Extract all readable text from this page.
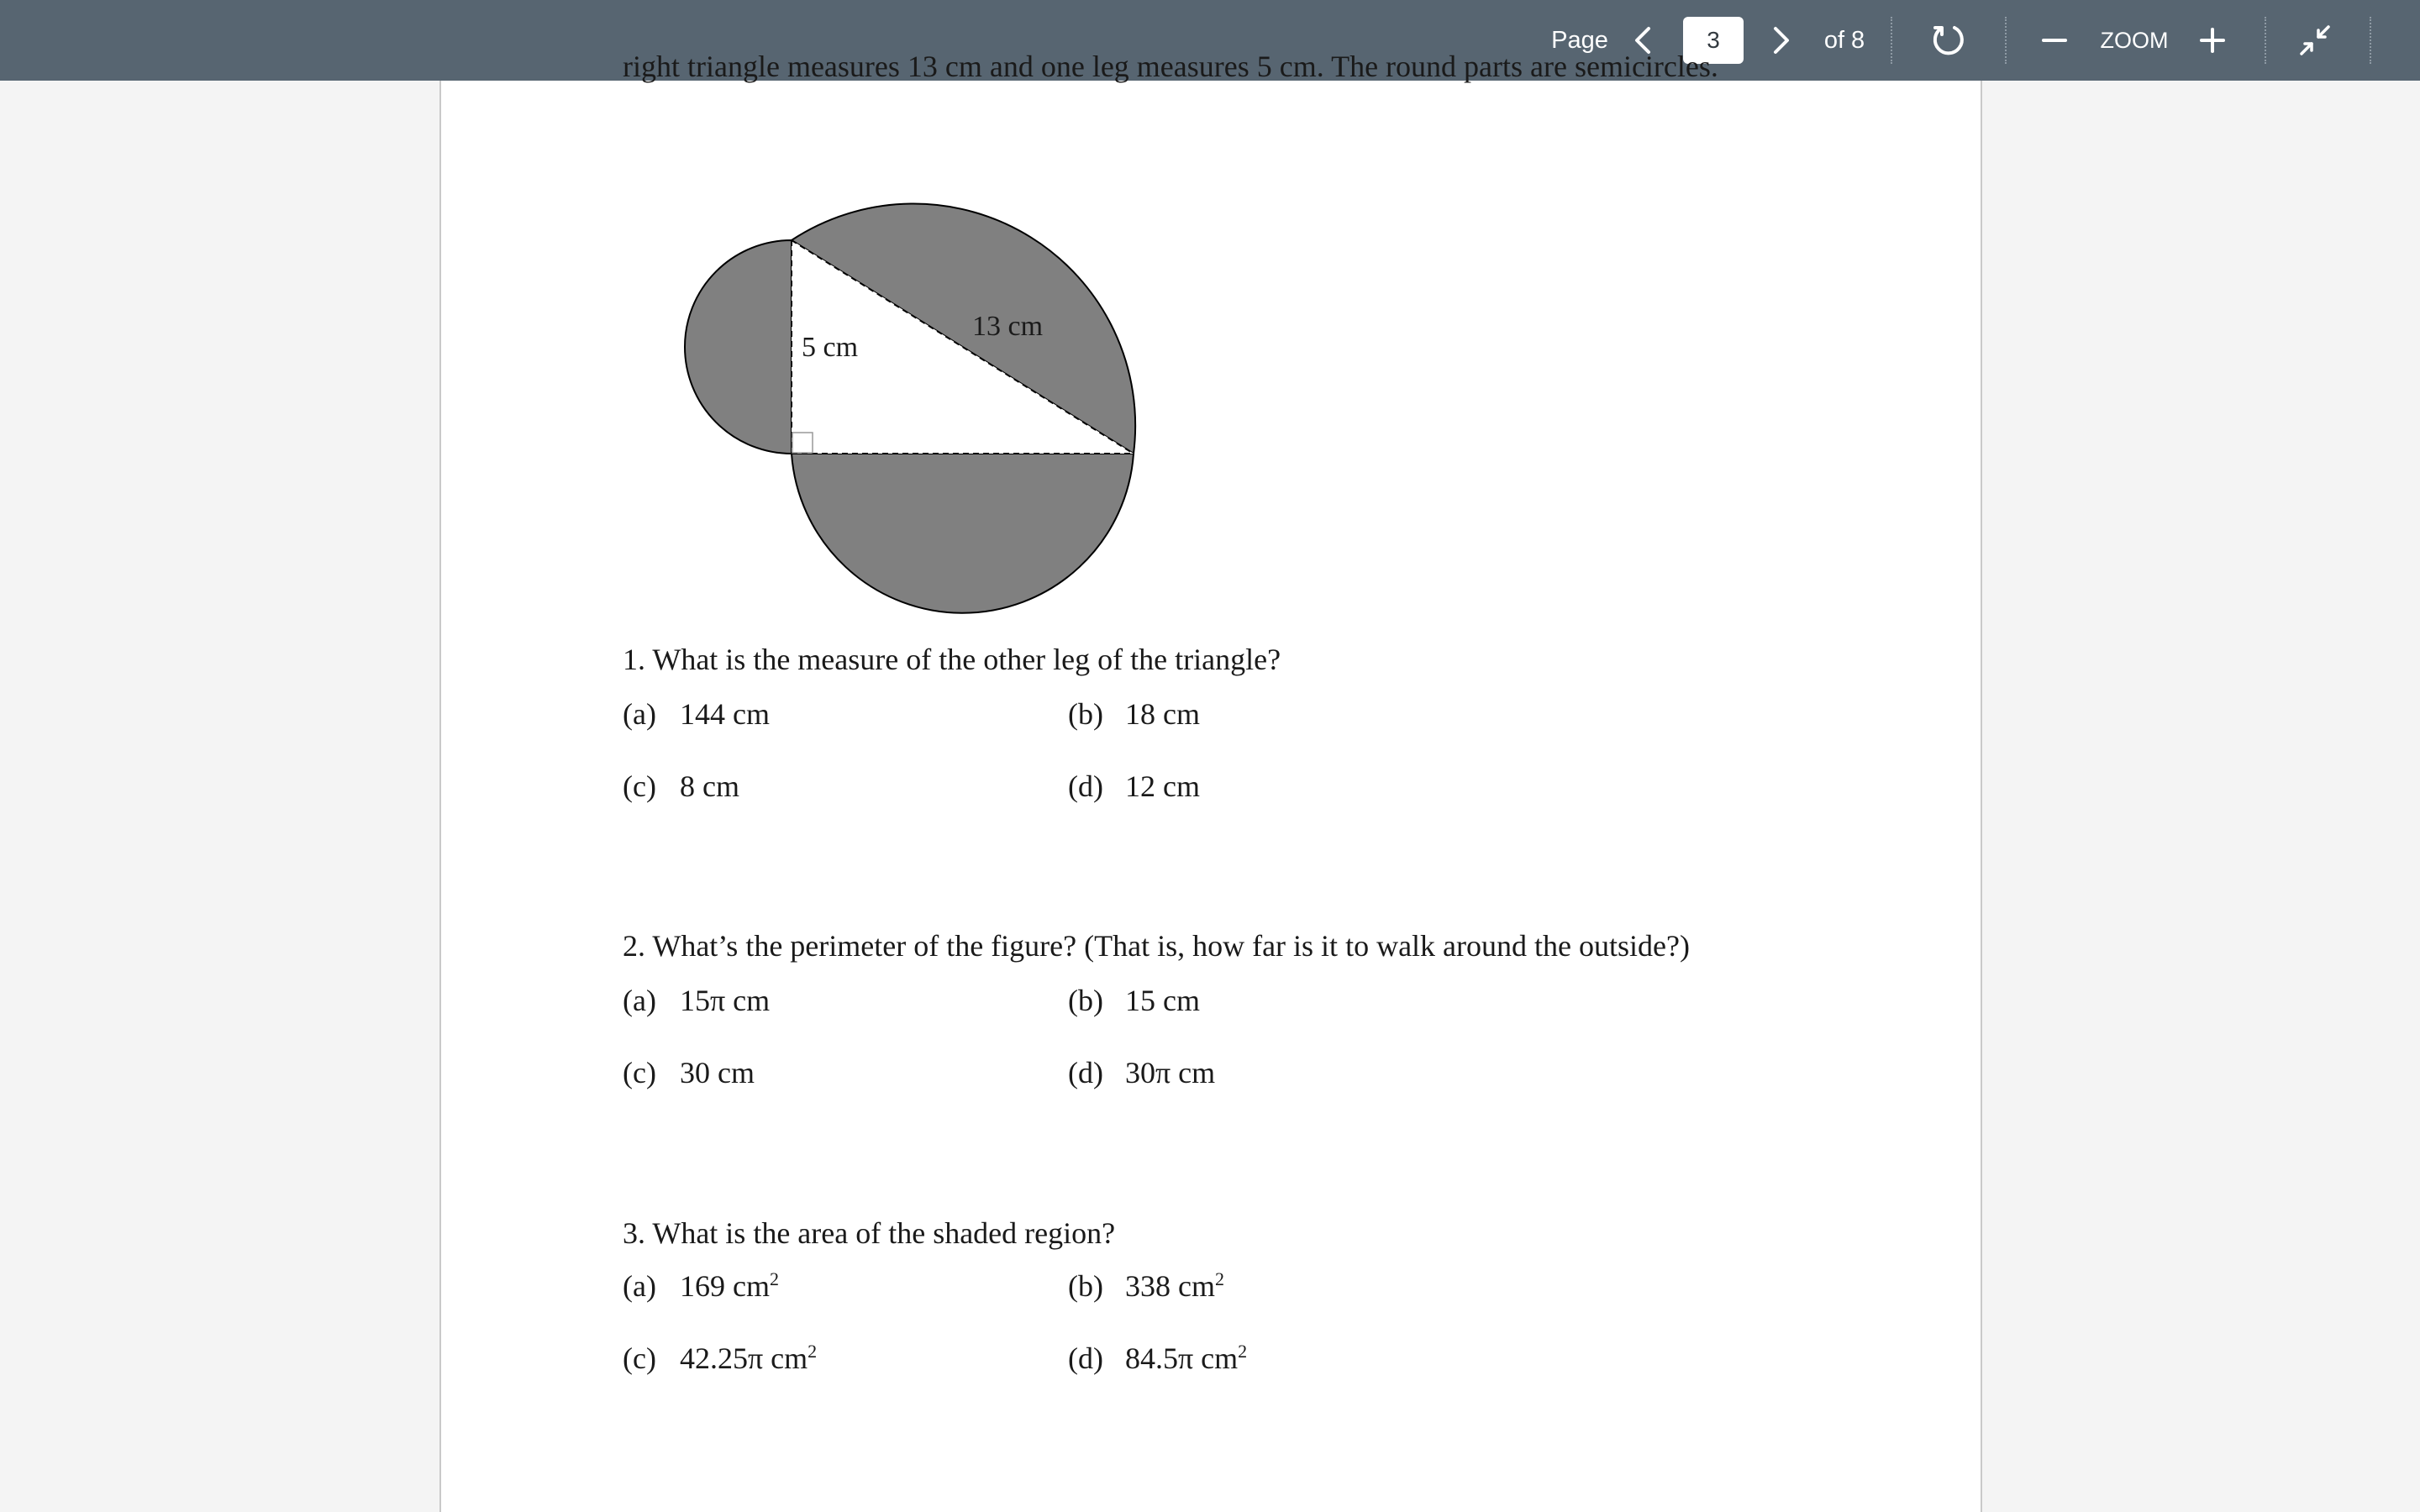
Page
3	of 8	ZOOM
right triangle measures 13 cm and one leg measures 5 cm. The round parts are semicircles.
13 cm
5 cm
1. What is the measure of the other leg of the triangle?
(a) 144 cm	(b) 18 cm
(c) 8 cm	(d) 12 cm
2. What’s the perimeter of the figure? (That is, how far is it to walk around the outside?)
(a) 15π cm	(b) 15 cm
(c) 30 cm	(d) 30π cm
3. What is the area of the shaded region?
(a) 169 $cm^2$	(b) 338 $cm^2$
(c) 42.25π $cm^2$	(d) 84.5π $cm^2$
